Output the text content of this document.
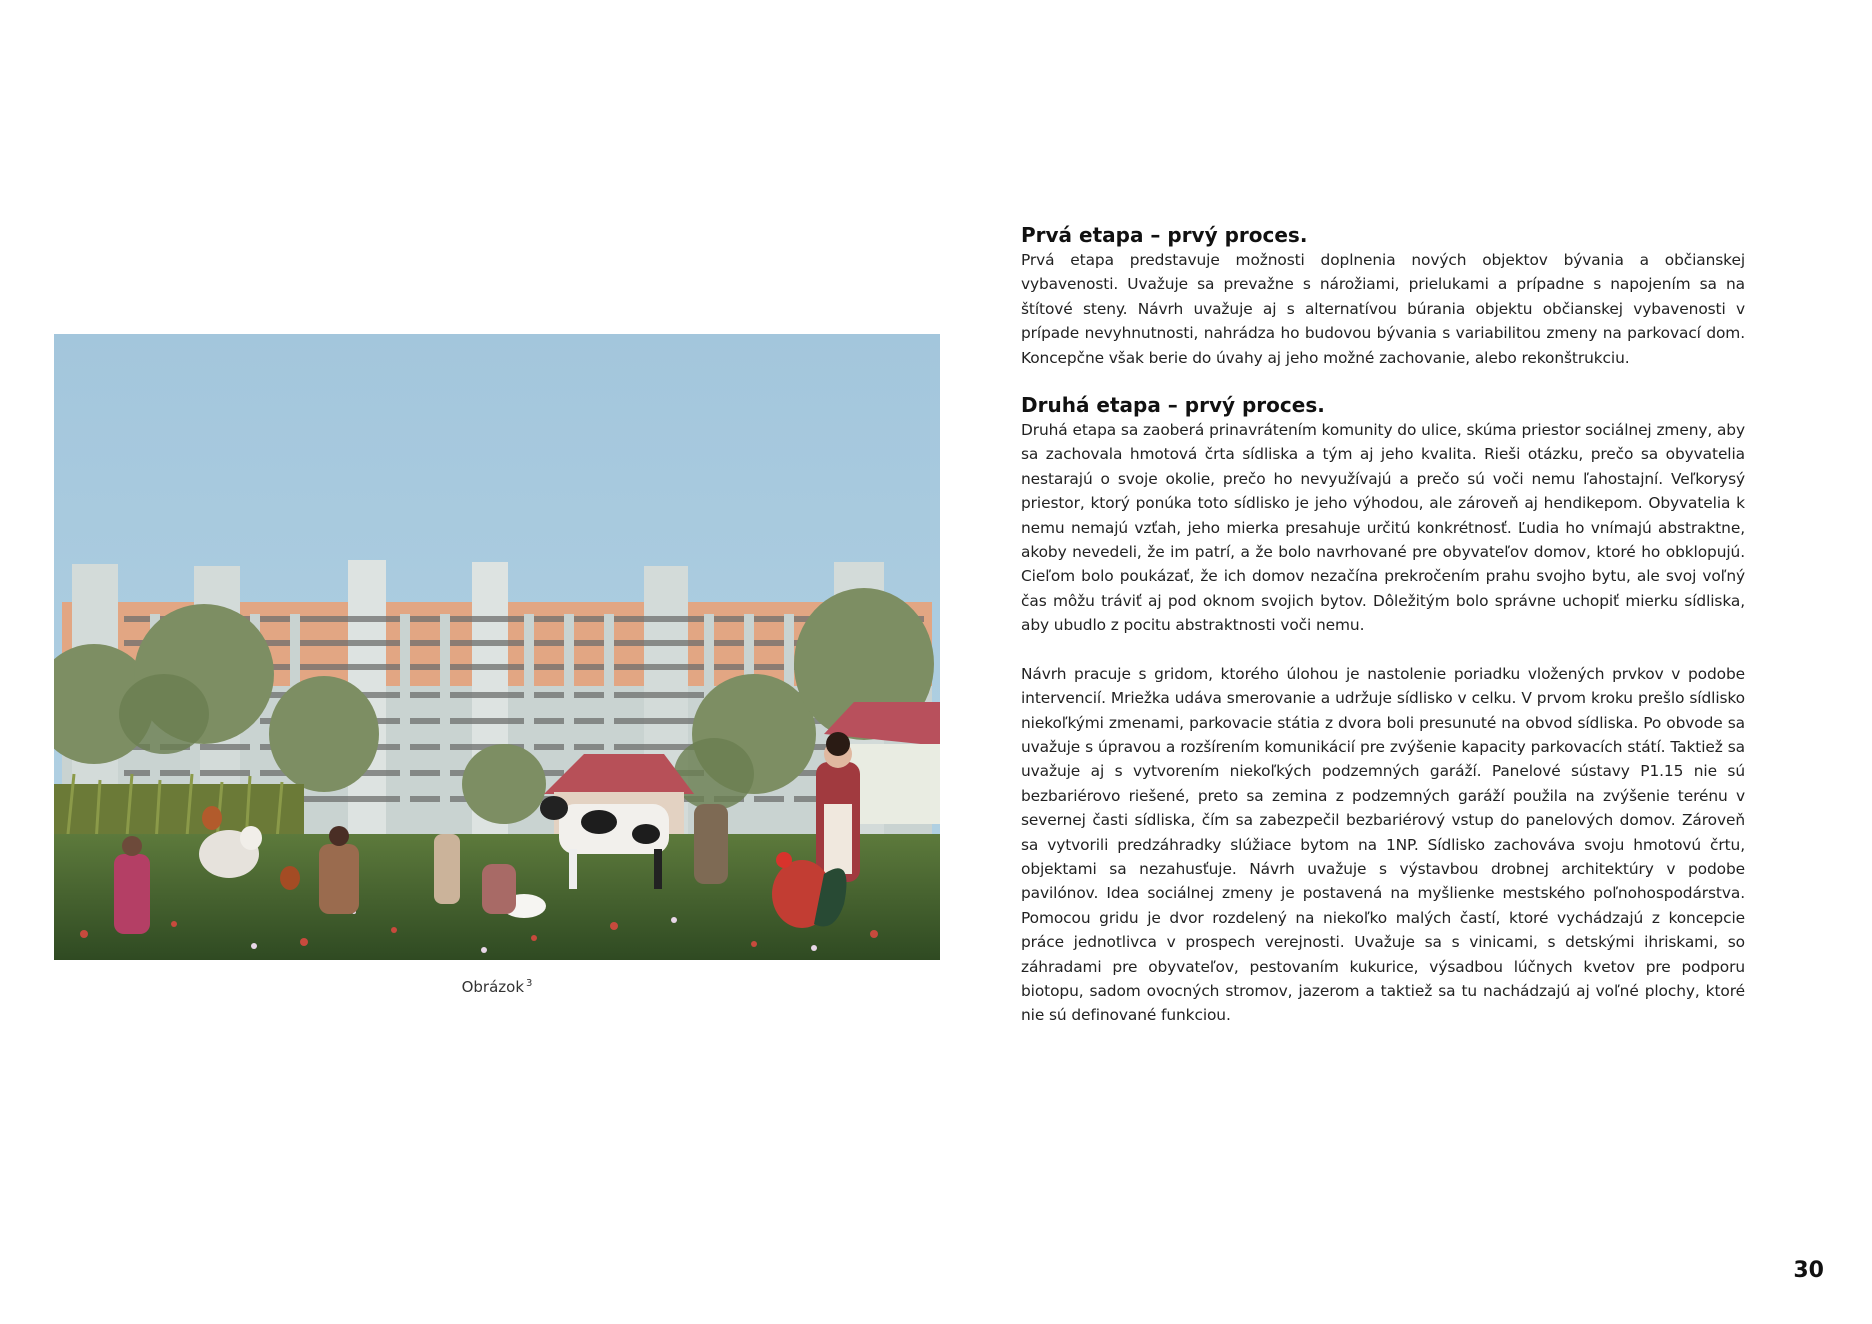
Obrázok $^3$
Prvá etapa – prvý proces.

Prvá etapa predstavuje možnosti doplnenia nových objektov bývania a občianskej vybavenosti. Uvažuje sa prevažne s nárožiami, prielukami a prípadne s napojením sa na štítové steny. Návrh uvažuje aj s alternatívou búrania objektu občianskej vybavenosti v prípade nevyhnutnosti, nahrádza ho budovou bývania s variabilitou zmeny na parkovací dom. Koncepčne však berie do úvahy aj jeho možné zachovanie, alebo rekonštrukciu.

Druhá etapa – prvý proces.

Druhá etapa sa zaoberá prinavrátením komunity do ulice, skúma priestor sociálnej zmeny, aby sa zachovala hmotová črta sídliska a tým aj jeho kvalita. Rieši otázku, prečo sa obyvatelia nestarajú o svoje okolie, prečo ho nevyužívajú a prečo sú voči nemu ľahostajní. Veľkorysý priestor, ktorý ponúka toto sídlisko je jeho výhodou, ale zároveň aj hendikepom. Obyvatelia k nemu nemajú vzťah, jeho mierka presahuje určitú konkrétnosť. Ľudia ho vnímajú abstraktne, akoby nevedeli, že im patrí, a že bolo navrhované pre obyvateľov domov, ktoré ho obklopujú. Cieľom bolo poukázať, že ich domov nezačína prekročením prahu svojho bytu, ale svoj voľný čas môžu tráviť aj pod oknom svojich bytov. Dôležitým bolo správne uchopiť mierku sídliska, aby ubudlo z pocitu abstraktnosti voči nemu.

Návrh pracuje s gridom, ktorého úlohou je nastolenie poriadku vložených prvkov v podobe intervencií. Mriežka udáva smerovanie a udržuje sídlisko v celku. V prvom kroku prešlo sídlisko niekoľkými zmenami, parkovacie státia z dvora boli presunuté na obvod sídliska. Po obvode sa uvažuje s úpravou a rozšírením komunikácií pre zvýšenie kapacity parkovacích státí. Taktiež sa uvažuje aj s vytvorením niekoľkých podzemných garáží. Panelové sústavy P1.15 nie sú bezbariérovo riešené, preto sa zemina z podzemných garáží použila na zvýšenie terénu v severnej časti sídliska, čím sa zabezpečil bezbariérový vstup do panelových domov. Zároveň sa vytvorili predzáhradky slúžiace bytom na 1NP. Sídlisko zachováva svoju hmotovú črtu, objektami sa nezahusťuje. Návrh uvažuje s výstavbou drobnej architektúry v podobe pavilónov. Idea sociálnej zmeny je postavená na myšlienke mestského poľnohospodárstva. Pomocou gridu je dvor rozdelený na niekoľko malých častí, ktoré vychádzajú z koncepcie práce jednotlivca v prospech verejnosti. Uvažuje sa s vinicami, s detskými ihriskami, so záhradami pre obyvateľov, pestovaním kukurice, výsadbou lúčnych kvetov pre podporu biotopu, sadom ovocných stromov, jazerom a taktiež sa tu nachádzajú aj voľné plochy, ktoré nie sú definované funkciou.

30
